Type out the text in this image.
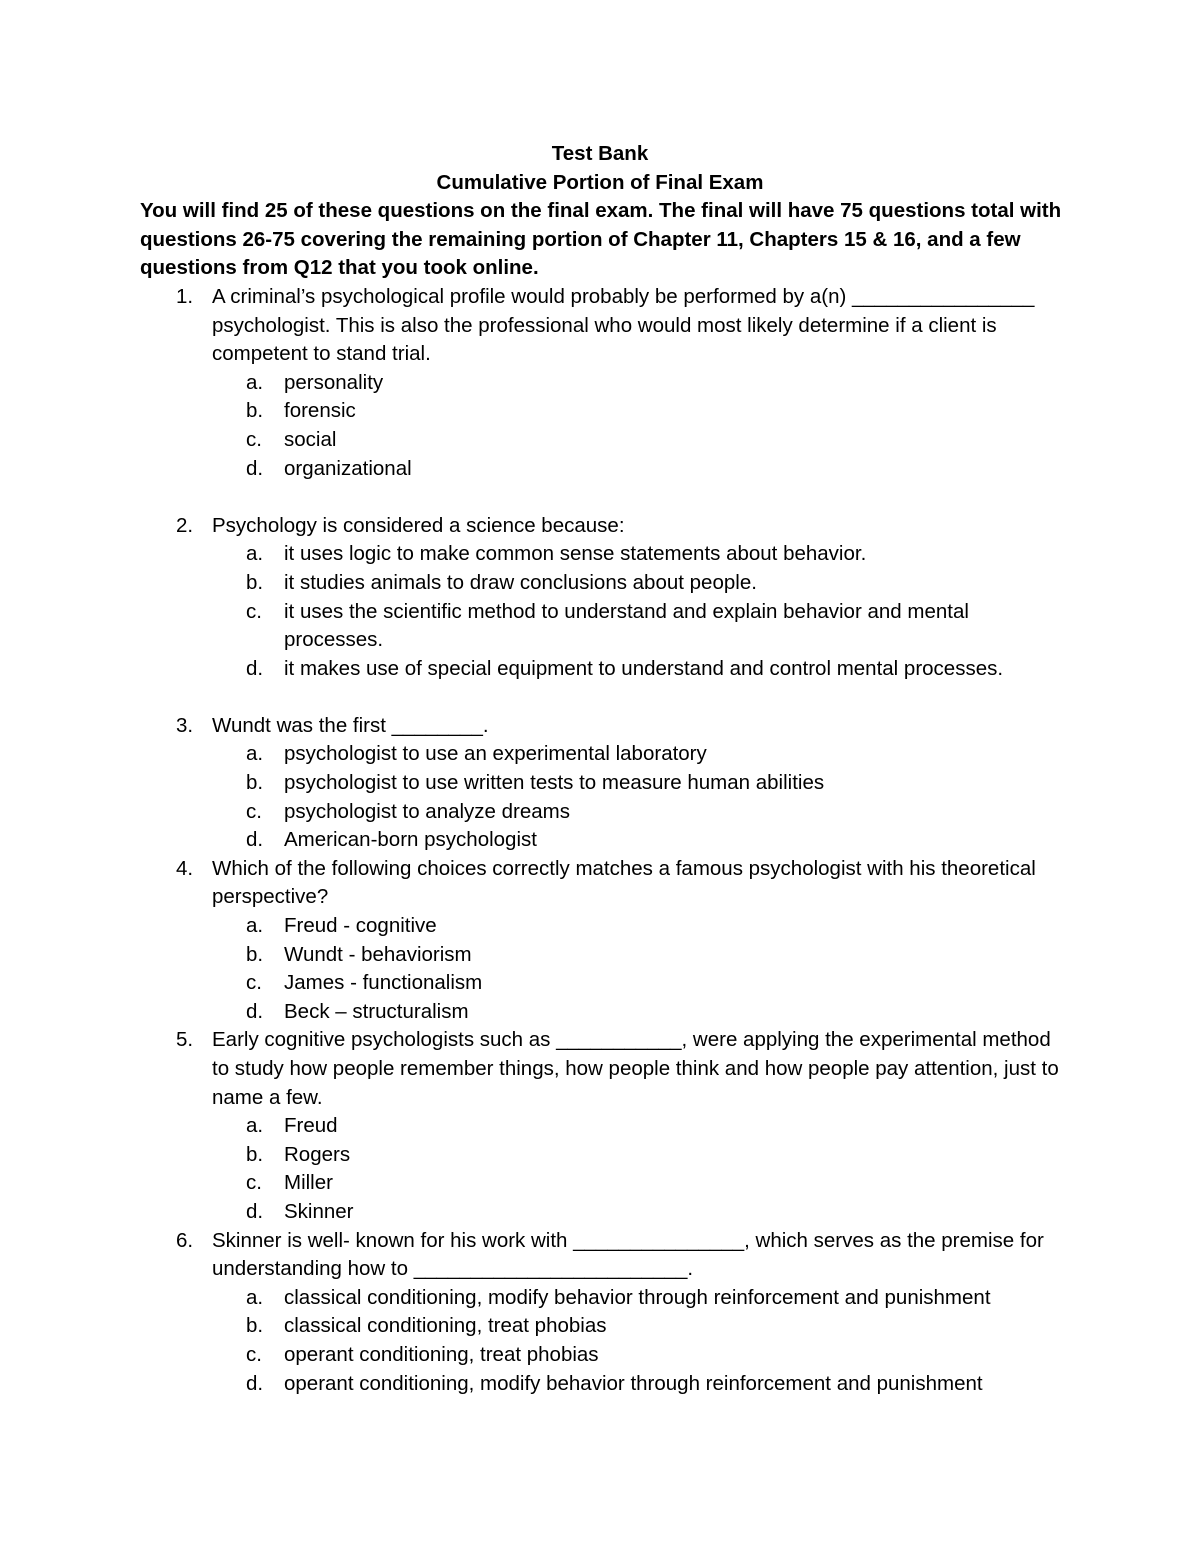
Test Bank
Cumulative Portion of Final Exam

You will find 25 of these questions on the final exam. The final will have 75 questions total with questions 26-75 covering the remaining portion of Chapter 11, Chapters 15 & 16, and a few questions from Q12 that you took online.

1. A criminal’s psychological profile would probably be performed by a(n) ________________ psychologist. This is also the professional who would most likely determine if a client is competent to stand trial.
a. personality
b. forensic
c. social
d. organizational
2. Psychology is considered a science because:
a. it uses logic to make common sense statements about behavior.
b. it studies animals to draw conclusions about people.
c. it uses the scientific method to understand and explain behavior and mental processes.
d. it makes use of special equipment to understand and control mental processes.
3. Wundt was the first ________.
a. psychologist to use an experimental laboratory
b. psychologist to use written tests to measure human abilities
c. psychologist to analyze dreams
d. American-born psychologist
4. Which of the following choices correctly matches a famous psychologist with his theoretical perspective?
a. Freud - cognitive
b. Wundt - behaviorism
c. James - functionalism
d. Beck – structuralism
5. Early cognitive psychologists such as ___________, were applying the experimental method to study how people remember things, how people think and how people pay attention, just to name a few.
a. Freud
b. Rogers
c. Miller
d. Skinner
6. Skinner is well- known for his work with _______________, which serves as the premise for understanding how to ________________________.
a. classical conditioning, modify behavior through reinforcement and punishment
b. classical conditioning, treat phobias
c. operant conditioning, treat phobias
d. operant conditioning, modify behavior through reinforcement and punishment
